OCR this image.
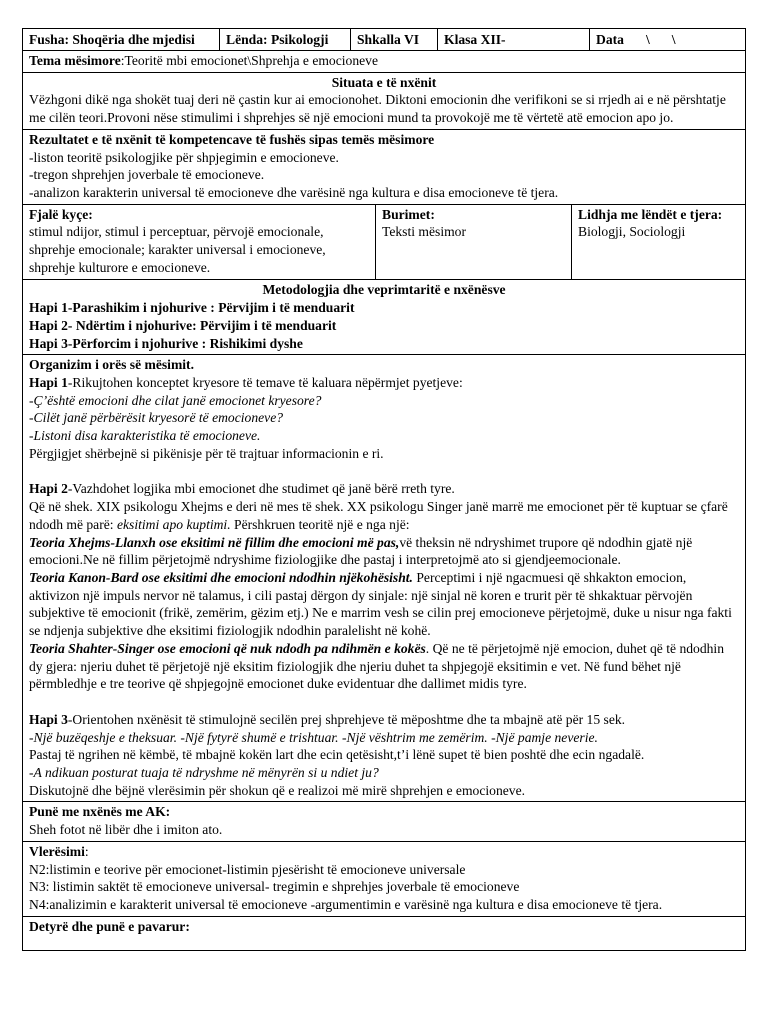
Fusha: Shoqëria dhe mjedisi	Lënda: Psikologji	Shkalla VI	Klasa XII-	Data \ \
Tema mësimore:Teoritë mbi emocionet\Shprehja e emocioneve
Situata e të nxënit
Vëzhgoni dikë nga shokët tuaj deri në çastin kur ai emocionohet. Diktoni emocionin dhe verifikoni se si rrjedh ai e në përshtatje me cilën teori.Provoni nëse stimulimi i shprehjes së një emocioni mund ta provokojë me të vërtetë atë emocion apo jo.
Rezultatet e të nxënit të kompetencave të fushës sipas temës mësimore
-liston teoritë psikologjike për shpjegimin e emocioneve.
-tregon shprehjen joverbale të emocioneve.
-analizon karakterin universal të emocioneve dhe varësinë nga kultura e disa emocioneve të tjera.
Fjalë kyçe:
stimul ndijor, stimul i perceptuar, përvojë emocionale, shprehje emocionale; karakter universal i emocioneve, shprehje kulturore e emocioneve.
Burimet:
Teksti mësimor
Lidhja me lëndët e tjera:
Biologji, Sociologji
Metodologjia dhe veprimtaritë e nxënësve
Hapi 1-Parashikim i njohurive : Përvijim i të menduarit
Hapi 2- Ndërtim i njohurive: Përvijim i të menduarit
Hapi 3-Përforcim i njohurive : Rishikimi dyshe
Organizim i orës së mësimit.
Hapi 1-Rikujtohen konceptet kryesore të temave të kaluara nëpërmjet pyetjeve:
-Ç’është emocioni dhe cilat janë emocionet kryesore?
-Cilët janë përbërësit kryesorë të emocioneve?
-Listoni disa karakteristika të emocioneve.
Përgjigjet shërbejnë si pikënisje për të trajtuar informacionin e ri.
Hapi 2-Vazhdohet logjika mbi emocionet dhe studimet që janë bërë rreth tyre.
Që në shek. XIX psikologu Xhejms e deri në mes të shek. XX psikologu Singer janë marrë me emocionet për të kuptuar se çfarë ndodh më parë: eksitimi apo kuptimi. Përshkruen teoritë një e nga një:
Teoria Xhejms-Llanxh ose eksitimi në fillim dhe emocioni më pas,vë theksin në ndryshimet trupore që ndodhin gjatë një emocioni.Ne në fillim përjetojmë ndryshime fiziologjike dhe pastaj i interpretojmë ato si gjendjeemocionale.
Teoria Kanon-Bard ose eksitimi dhe emocioni ndodhin njëkohësisht. Perceptimi i një ngacmuesi që shkakton emocion, aktivizon një impuls nervor në talamus, i cili pastaj dërgon dy sinjale: një sinjal në koren e trurit për të shkaktuar përvojën subjektive të emocionit (frikë, zemërim, gëzim etj.) Ne e marrim vesh se cilin prej emocioneve përjetojmë, duke u nisur nga fakti se ndjenja subjektive dhe eksitimi fiziologjik ndodhin paralelisht në kohë.
Teoria Shahter-Singer ose emocioni që nuk ndodh pa ndihmën e kokës. Që ne të përjetojmë një emocion, duhet që të ndodhin dy gjera: njeriu duhet të përjetojë një eksitim fiziologjik dhe njeriu duhet ta shpjegojë eksitimin e vet. Në fund bëhet një përmbledhje e tre teorive që shpjegojnë emocionet duke evidentuar dhe dallimet midis tyre.
Hapi 3-Orientohen nxënësit të stimulojnë secilën prej shprehjeve të mëposhtme dhe ta mbajnë atë për 15 sek.
-Një buzëqeshje e theksuar. -Një fytyrë shumë e trishtuar. -Një vështrim me zemërim. -Një pamje neverie.
Pastaj të ngrihen në këmbë, të mbajnë kokën lart dhe ecin qetësisht,t’i lënë supet të bien poshtë dhe ecin ngadalë.
-A ndikuan posturat tuaja të ndryshme në mënyrën si u ndiet ju?
Diskutojnë dhe bëjnë vlerësimin për shokun që e realizoi më mirë shprehjen e emocioneve.
Punë me nxënës me AK:
Sheh fotot në libër dhe i imiton ato.
Vlerësimi:
N2:listimin e teorive për emocionet-listimin pjesërisht të emocioneve universale
N3: listimin saktët të emocioneve universal- tregimin e shprehjes joverbale të emocioneve
N4:analizimin e karakterit universal të emocioneve -argumentimin e varësinë nga kultura e disa emocioneve të tjera.
Detyrë dhe punë e pavarur:
